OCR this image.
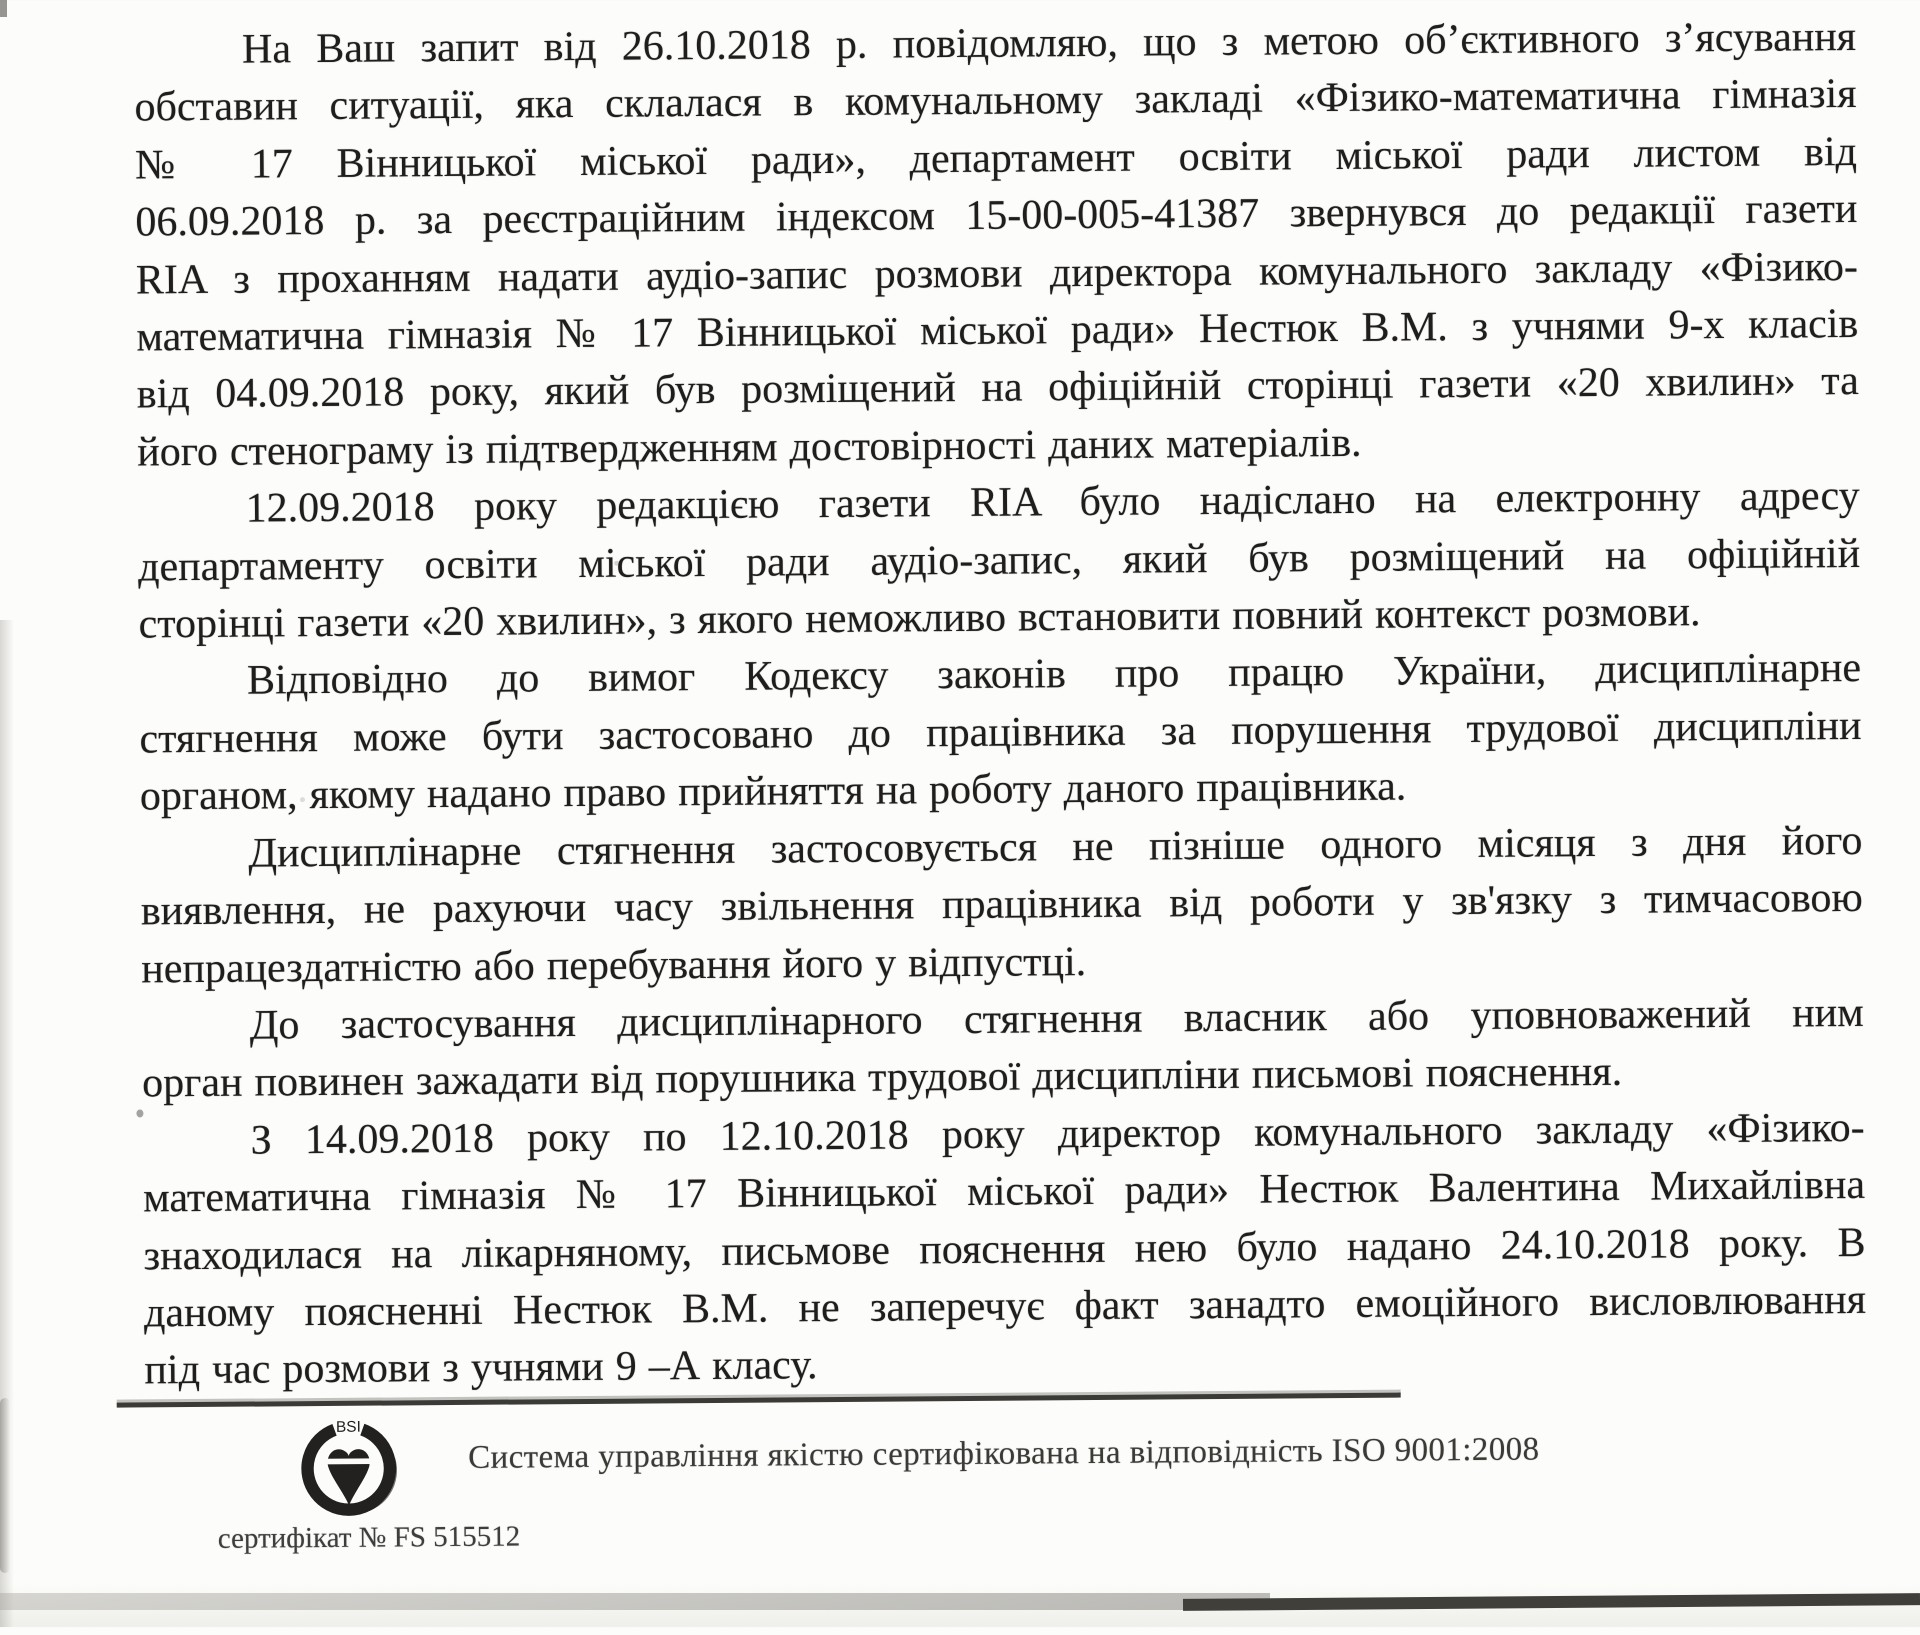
На Ваш запит від 26.10.2018 р. повідомляю, що з метою об’єктивного з’ясування
обставин ситуації, яка склалася в комунальному закладі «Фізико-математична гімназія
№ 17 Вінницької міської ради», департамент освіти міської ради листом від
06.09.2018 р. за реєстраційним індексом 15-00-005-41387 звернувся до редакції газети
RIA з проханням надати аудіо-запис розмови директора комунального закладу «Фізико-
математична гімназія № 17 Вінницької міської ради» Нестюк В.М. з учнями 9-х класів
від 04.09.2018 року, який був розміщений на офіційній сторінці газети «20 хвилин» та
його стенограму із підтвердженням достовірності даних матеріалів.
12.09.2018 року редакцією газети RIA було надіслано на електронну адресу
департаменту освіти міської ради аудіо-запис, який був розміщений на офіційній
сторінці газети «20 хвилин», з якого неможливо встановити повний контекст розмови.
Відповідно до вимог Кодексу законів про працю України, дисциплінарне
стягнення може бути застосовано до працівника за порушення трудової дисципліни
органом, якому надано право прийняття на роботу даного працівника.
Дисциплінарне стягнення застосовується не пізніше одного місяця з дня його
виявлення, не рахуючи часу звільнення працівника від роботи у зв'язку з тимчасовою
непрацездатністю або перебування його у відпустці.
До застосування дисциплінарного стягнення власник або уповноважений ним
орган повинен зажадати від порушника трудової дисципліни письмові пояснення.
З 14.09.2018 року по 12.10.2018 року директор комунального закладу «Фізико-
математична гімназія № 17 Вінницької міської ради» Нестюк Валентина Михайлівна
знаходилася на лікарняному, письмове пояснення нею було надано 24.10.2018 року. В
даному поясненні Нестюк В.М. не заперечує факт занадто емоційного висловлювання
під час розмови з учнями 9 –А класу.
BSI
Система управління якістю сертифікована на відповідність ISO 9001:2008
сертифікат № FS 515512
